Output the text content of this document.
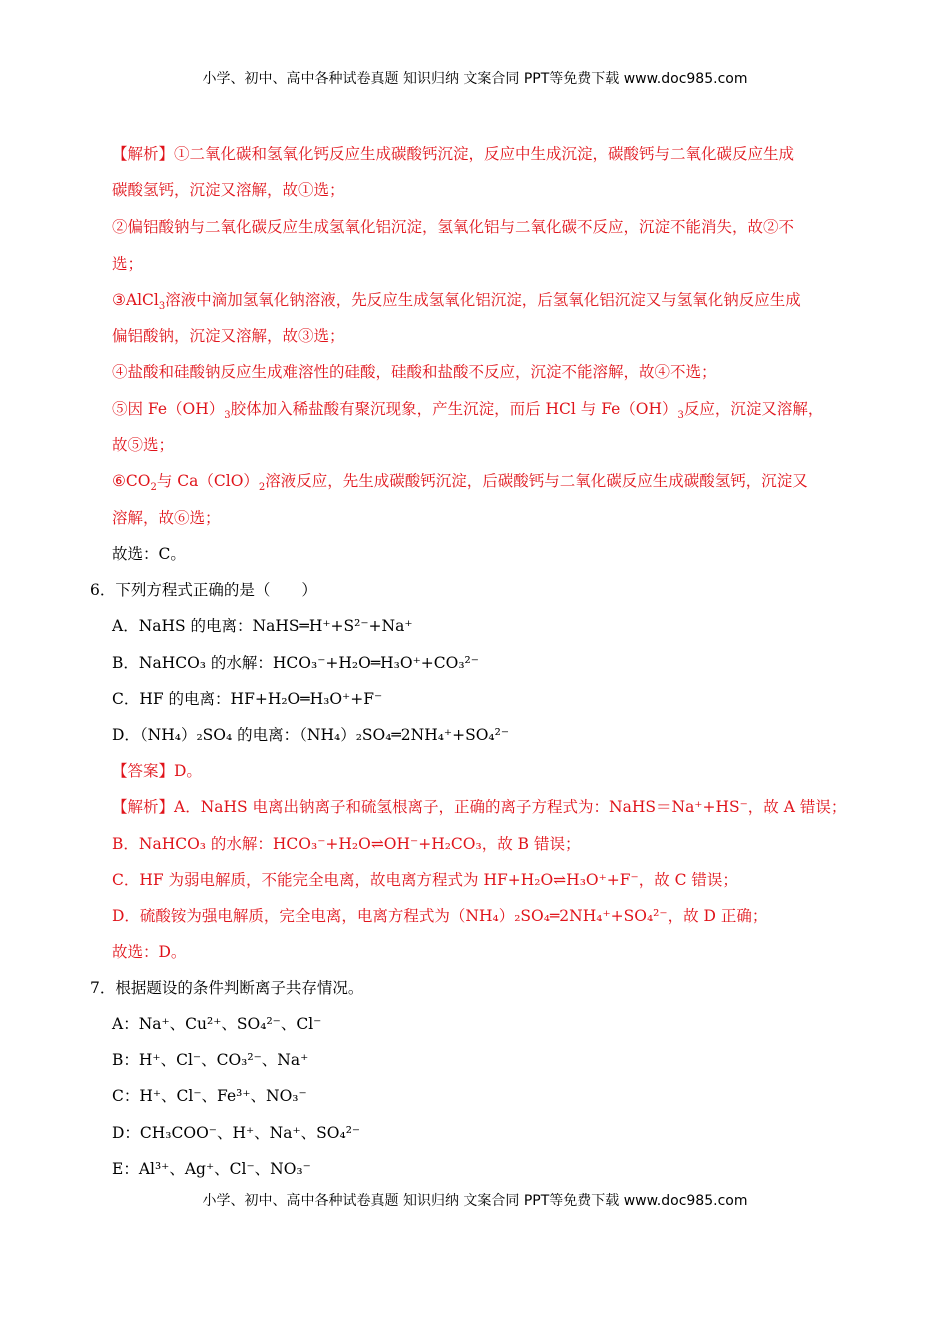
小学、初中、高中各种试卷真题 知识归纳 文案合同 PPT等免费下载 www.doc985.com
【解析】①二氧化碳和氢氧化钙反应生成碳酸钙沉淀，反应中生成沉淀，碳酸钙与二氧化碳反应生成
碳酸氢钙，沉淀又溶解，故①选；
②偏铝酸钠与二氧化碳反应生成氢氧化铝沉淀，氢氧化铝与二氧化碳不反应，沉淀不能消失，故②不
选；
③AlCl$_3$溶液中滴加氢氧化钠溶液，先反应生成氢氧化铝沉淀，后氢氧化铝沉淀又与氢氧化钠反应生成
偏铝酸钠，沉淀又溶解，故③选；
④盐酸和硅酸钠反应生成难溶性的硅酸，硅酸和盐酸不反应，沉淀不能溶解，故④不选；
⑤因 $Fe(OH)_3$胶体加入稀盐酸有聚沉现象，产生沉淀，而后 HCl 与 $Fe(OH)_3$反应，沉淀又溶解，
故⑤选；
$⑥CO_2$与 $Ca(ClO)_2$溶液反应，先生成碳酸钙沉淀，后碳酸钙与二氧化碳反应生成碳酸氢钙，沉淀又
溶解，故⑥选；
故选：C。
6．下列方程式正确的是（　　）
A．NaHS 的电离：NaHS═H⁺+S²⁻+Na⁺
B．NaHCO₃ 的水解：HCO₃⁻+H₂O═H₃O⁺+CO₃²⁻
C．HF 的电离：HF+H₂O═H₃O⁺+F⁻
D．（NH₄）₂SO₄ 的电离：（NH₄）₂SO₄═2NH₄⁺+SO₄²⁻
【答案】D。
【解析】A．NaHS 电离出钠离子和硫氢根离子，正确的离子方程式为：NaHS＝Na⁺+HS⁻，故 A 错误；
B．NaHCO₃ 的水解：HCO₃⁻+H₂O⇌OH⁻+H₂CO₃，故 B 错误；
C．HF 为弱电解质，不能完全电离，故电离方程式为 HF+H₂O⇌H₃O⁺+F⁻，故 C 错误；
D．硫酸铵为强电解质，完全电离，电离方程式为（NH₄）₂SO₄═2NH₄⁺+SO₄²⁻，故 D 正确；
故选：D。
7．根据题设的条件判断离子共存情况。
A：Na⁺、Cu²⁺、SO₄²⁻、Cl⁻
B：H⁺、Cl⁻、CO₃²⁻、Na⁺
C：H⁺、Cl⁻、Fe³⁺、NO₃⁻
D：CH₃COO⁻、H⁺、Na⁺、SO₄²⁻
E：Al³⁺、Ag⁺、Cl⁻、NO₃⁻
小学、初中、高中各种试卷真题 知识归纳 文案合同 PPT等免费下载 www.doc985.com
